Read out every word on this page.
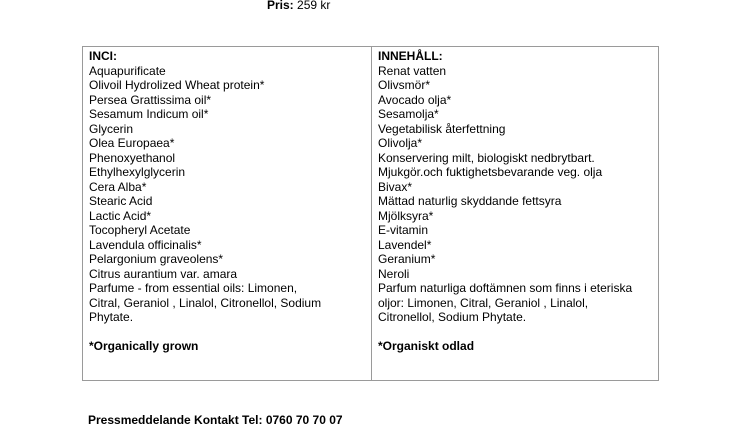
Pris: 259 kr
INCI:
Aquapurificate
Olivoil Hydrolized Wheat protein*
Persea Grattissima oil*
Sesamum Indicum oil*
Glycerin
Olea Europaea*
Phenoxyethanol
Ethylhexylglycerin
Cera Alba*
Stearic Acid
Lactic Acid*
Tocopheryl Acetate
Lavendula officinalis*
Pelargonium graveolens*
Citrus aurantium var. amara
Parfume - from essential oils: Limonen,
Citral, Geraniol , Linalol, Citronellol, Sodium
Phytate.
*Organically grown
INNEHÅLL:
Renat vatten
Olivsmör*
Avocado olja*
Sesamolja*
Vegetabilisk återfettning
Olivolja*
Konservering milt, biologiskt nedbrytbart.
Mjukgör.och fuktighetsbevarande veg. olja
Bivax*
Mättad naturlig skyddande fettsyra
Mjölksyra*
E-vitamin
Lavendel*
Geranium*
Neroli
Parfum naturliga doftämnen som finns i eteriska
oljor: Limonen, Citral, Geraniol , Linalol,
Citronellol, Sodium Phytate.
*Organiskt odlad
Pressmeddelande Kontakt Tel: 0760 70 70 07
